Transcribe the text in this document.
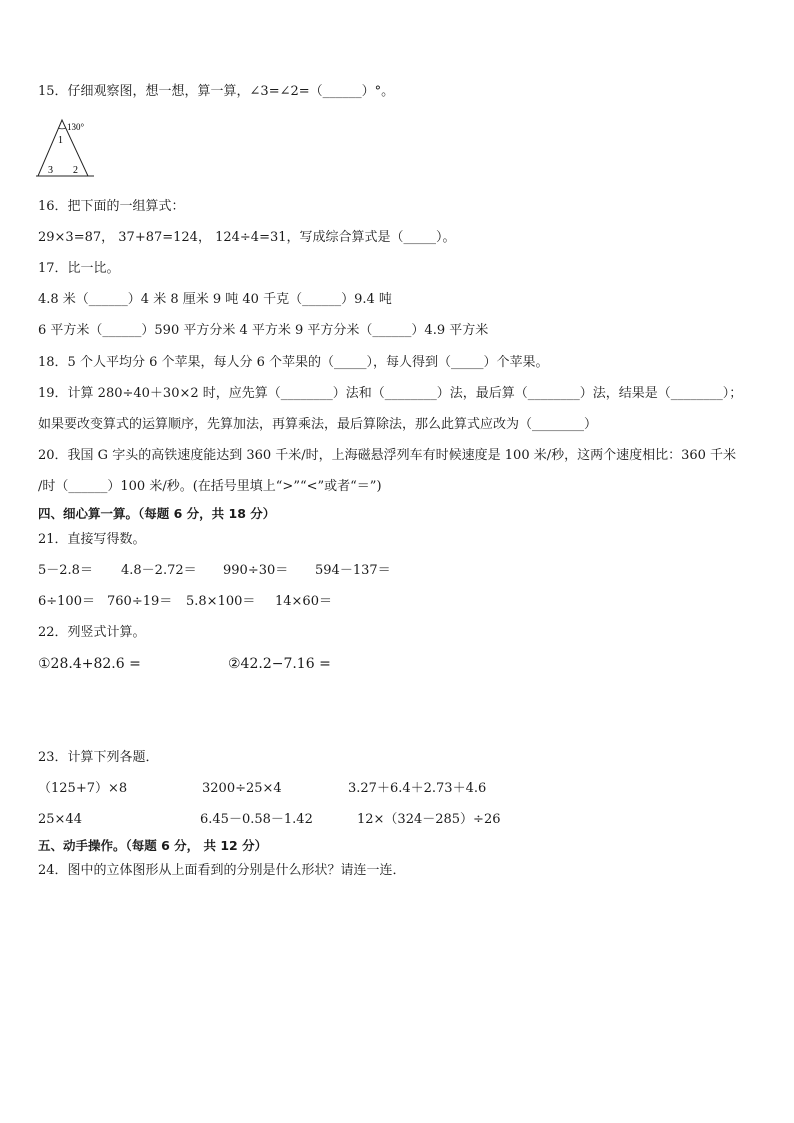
15．仔细观察图，想一想，算一算，∠3=∠2=（______）°。
130°
1
3 2
16．把下面的一组算式：
29×3=87， 37+87=124， 124÷4=31，写成综合算式是（_____）。
17．比一比。
4.8 米（______）4 米 8 厘米 9 吨 40 千克（______）9.4 吨
6 平方米（______）590 平方分米 4 平方米 9 平方分米（______）4.9 平方米
18．5 个人平均分 6 个苹果，每人分 6 个苹果的（_____），每人得到（_____）个苹果。
19．计算 280÷40＋30×2 时，应先算（________）法和（________）法，最后算（________）法，结果是（________）；
如果要改变算式的运算顺序，先算加法，再算乘法，最后算除法，那么此算式应改为（________）
20．我国 G 字头的高铁速度能达到 360 千米/时，上海磁悬浮列车有时候速度是 100 米/秒，这两个速度相比：360 千米
/时（______）100 米/秒。(在括号里填上“>”“<”或者“＝”)
四、细心算一算。（每题 6 分，共 18 分）
21．直接写得数。
5－2.8＝ 4.8－2.72＝ 990÷30＝ 594－137＝
6÷100＝ 760÷19＝ 5.8×100＝ 14×60＝
22．列竖式计算。
①28.4+82.6 =	②42.2−7.16 =
23．计算下列各题．
（125+7）×8	3200÷25×4	3.27＋6.4＋2.73＋4.6
25×44	6.45－0.58－1.42	12×（324－285）÷26
五、动手操作。（每题 6 分， 共 12 分）
24．图中的立体图形从上面看到的分别是什么形状？请连一连．
